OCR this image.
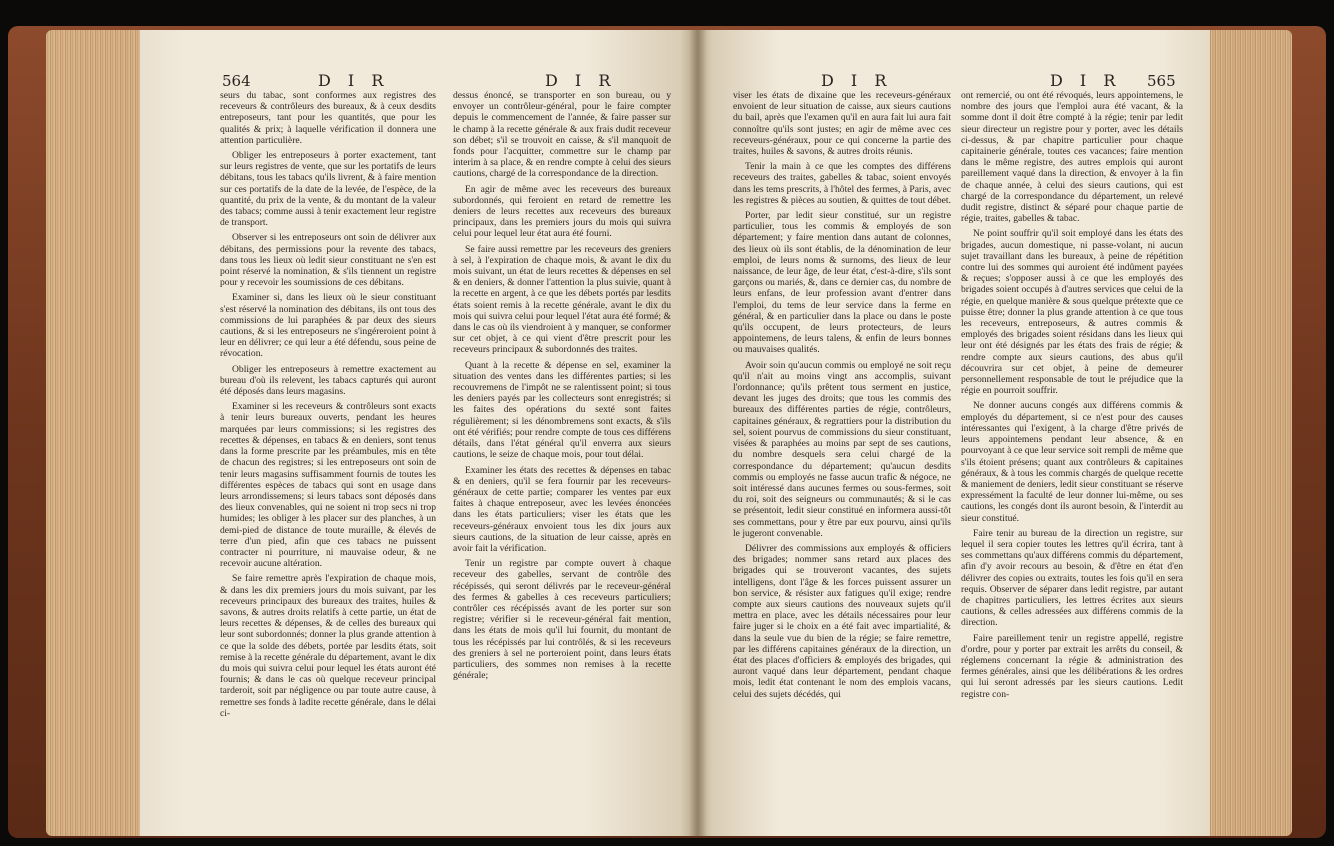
564	D I R	D I R	D I R	D I R 565

seurs du tabac, sont conformes aux registres des receveurs & contrôleurs des bureaux, & à ceux desdits entreposeurs, tant pour les quantités, que pour les qualités & prix; à laquelle vérification il donnera une attention particulière.

Obliger les entreposeurs à porter exactement, tant sur leurs registres de vente, que sur les portatifs de leurs débitans, tous les tabacs qu'ils livrent, & à faire mention sur ces portatifs de la date de la levée, de l'espèce, de la quantité, du prix de la vente, & du montant de la valeur des tabacs; comme aussi à tenir exactement leur registre de transport.

Observer si les entreposeurs ont soin de délivrer aux débitans, des permissions pour la revente des tabacs, dans tous les lieux où ledit sieur constituant ne s'en est point réservé la nomination, & s'ils tiennent un registre pour y recevoir les soumissions de ces débitans.

Examiner si, dans les lieux où le sieur constituant s'est réservé la nomination des débitans, ils ont tous des commissions de lui paraphées & par deux des sieurs cautions, & si les entreposeurs ne s'ingéreroient point à leur en délivrer; ce qui leur a été défendu, sous peine de révocation.

Obliger les entreposeurs à remettre exactement au bureau d'où ils relevent, les tabacs capturés qui auront été déposés dans leurs magasins.

Examiner si les receveurs & contrôleurs sont exacts à tenir leurs bureaux ouverts, pendant les heures marquées par leurs commissions; si les registres des recettes & dépenses, en tabacs & en deniers, sont tenus dans la forme prescrite par les préambules, mis en tête de chacun des registres; si les entreposeurs ont soin de tenir leurs magasins suffisamment fournis de toutes les différentes espèces de tabacs qui sont en usage dans leurs arrondissemens; si leurs tabacs sont déposés dans des lieux convenables, qui ne soient ni trop secs ni trop humides; les obliger à les placer sur des planches, à un demi-pied de distance de toute muraille, & élevés de terre d'un pied, afin que ces tabacs ne puissent contracter ni pourriture, ni mauvaise odeur, & ne recevoir aucune altération.

Se faire remettre après l'expiration de chaque mois, & dans les dix premiers jours du mois suivant, par les receveurs principaux des bureaux des traites, huiles & savons, & autres droits relatifs à cette partie, un état de leurs recettes & dépenses, & de celles des bureaux qui leur sont subordonnés; donner la plus grande attention à ce que la solde des débets, portée par lesdits états, soit remise à la recette générale du département, avant le dix du mois qui suivra celui pour lequel les états auront été fournis; & dans le cas où quelque receveur principal tarderoit, soit par négligence ou par toute autre cause, à remettre ses fonds à ladite recette générale, dans le délai ci-

dessus énoncé, se transporter en son bureau, ou y envoyer un contrôleur-général, pour le faire compter depuis le commencement de l'année, & faire passer sur le champ à la recette générale & aux frais dudit receveur son débet; s'il se trouvoit en caisse, & s'il manquoit de fonds pour l'acquitter, commettre sur le champ par interim à sa place, & en rendre compte à celui des sieurs cautions, chargé de la correspondance de la direction.

En agir de même avec les receveurs des bureaux subordonnés, qui feroient en retard de remettre les deniers de leurs recettes aux receveurs des bureaux principaux, dans les premiers jours du mois qui suivra celui pour lequel leur état aura été fourni.

Se faire aussi remettre par les receveurs des greniers à sel, à l'expiration de chaque mois, & avant le dix du mois suivant, un état de leurs recettes & dépenses en sel & en deniers, & donner l'attention la plus suivie, quant à la recette en argent, à ce que les débets portés par lesdits états soient remis à la recette générale, avant le dix du mois qui suivra celui pour lequel l'état aura été formé; & dans le cas où ils viendroient à y manquer, se conformer sur cet objet, à ce qui vient d'être prescrit pour les receveurs principaux & subordonnés des traites.

Quant à la recette & dépense en sel, examiner la situation des ventes dans les différentes parties; si les recouvremens de l'impôt ne se ralentissent point; si tous les deniers payés par les collecteurs sont enregistrés; si les faites des opérations du sexté sont faites régulièrement; si les dénombremens sont exacts, & s'ils ont été vérifiés; pour rendre compte de tous ces différens détails, dans l'état général qu'il enverra aux sieurs cautions, le seize de chaque mois, pour tout délai.

Examiner les états des recettes & dépenses en tabac & en deniers, qu'il se fera fournir par les receveurs-généraux de cette partie; comparer les ventes par eux faites à chaque entreposeur, avec les levées énoncées dans les états particuliers; viser les états que les receveurs-généraux envoient tous les dix jours aux sieurs cautions, de la situation de leur caisse, après en avoir fait la vérification.

Tenir un registre par compte ouvert à chaque receveur des gabelles, servant de contrôle des récépissés, qui seront délivrés par le receveur-général des fermes & gabelles à ces receveurs particuliers; contrôler ces récépissés avant de les porter sur son registre; vérifier si le receveur-général fait mention, dans les états de mois qu'il lui fournit, du montant de tous les récépissés par lui contrôlés, & si les receveurs des greniers à sel ne porteroient point, dans leurs états particuliers, des sommes non remises à la recette générale;

viser les états de dixaine que les receveurs-généraux envoient de leur situation de caisse, aux sieurs cautions du bail, après que l'examen qu'il en aura fait lui aura fait connoître qu'ils sont justes; en agir de même avec ces receveurs-généraux, pour ce qui concerne la partie des traites, huiles & savons, & autres droits réunis.

Tenir la main à ce que les comptes des différens receveurs des traites, gabelles & tabac, soient envoyés dans les tems prescrits, à l'hôtel des fermes, à Paris, avec les registres & pièces au soutien, & quittes de tout débet.

Porter, par ledit sieur constitué, sur un registre particulier, tous les commis & employés de son département; y faire mention dans autant de colonnes, des lieux où ils sont établis, de la dénomination de leur emploi, de leurs noms & surnoms, des lieux de leur naissance, de leur âge, de leur état, c'est-à-dire, s'ils sont garçons ou mariés, &, dans ce dernier cas, du nombre de leurs enfans, de leur profession avant d'entrer dans l'emploi, du tems de leur service dans la ferme en général, & en particulier dans la place ou dans le poste qu'ils occupent, de leurs protecteurs, de leurs appointemens, de leurs talens, & enfin de leurs bonnes ou mauvaises qualités.

Avoir soin qu'aucun commis ou employé ne soit reçu qu'il n'ait au moins vingt ans accomplis, suivant l'ordonnance; qu'ils prêtent tous serment en justice, devant les juges des droits; que tous les commis des bureaux des différentes parties de régie, contrôleurs, capitaines généraux, & regrattiers pour la distribution du sel, soient pourvus de commissions du sieur constituant, visées & paraphées au moins par sept de ses cautions, du nombre desquels sera celui chargé de la correspondance du département; qu'aucun desdits commis ou employés ne fasse aucun trafic & négoce, ne soit intéressé dans aucunes fermes ou sous-fermes, soit du roi, soit des seigneurs ou communautés; & si le cas se présentoit, ledit sieur constitué en informera aussi-tôt ses commettans, pour y être par eux pourvu, ainsi qu'ils le jugeront convenable.

Délivrer des commissions aux employés & officiers des brigades; nommer sans retard aux places des brigades qui se trouveront vacantes, des sujets intelligens, dont l'âge & les forces puissent assurer un bon service, & résister aux fatigues qu'il exige; rendre compte aux sieurs cautions des nouveaux sujets qu'il mettra en place, avec les détails nécessaires pour leur faire juger si le choix en a été fait avec impartialité, & dans la seule vue du bien de la régie; se faire remettre, par les différens capitaines généraux de la direction, un état des places d'officiers & employés des brigades, qui auront vaqué dans leur département, pendant chaque mois, ledit état contenant le nom des emplois vacans, celui des sujets décédés, qui

ont remercié, ou ont été révoqués, leurs appointemens, le nombre des jours que l'emploi aura été vacant, & la somme dont il doit être compté à la régie; tenir par ledit sieur directeur un registre pour y porter, avec les détails ci-dessus, & par chapitre particulier pour chaque capitainerie générale, toutes ces vacances; faire mention dans le même registre, des autres emplois qui auront pareillement vaqué dans la direction, & envoyer à la fin de chaque année, à celui des sieurs cautions, qui est chargé de la correspondance du département, un relevé dudit registre, distinct & séparé pour chaque partie de régie, traites, gabelles & tabac.

Ne point souffrir qu'il soit employé dans les états des brigades, aucun domestique, ni passe-volant, ni aucun sujet travaillant dans les bureaux, à peine de répétition contre lui des sommes qui auroient été indûment payées & reçues; s'opposer aussi à ce que les employés des brigades soient occupés à d'autres services que celui de la régie, en quelque manière & sous quelque prétexte que ce puisse être; donner la plus grande attention à ce que tous les receveurs, entreposeurs, & autres commis & employés des brigades soient résidans dans les lieux qui leur ont été désignés par les états des frais de régie; & rendre compte aux sieurs cautions, des abus qu'il découvrira sur cet objet, à peine de demeurer personnellement responsable de tout le préjudice que la régie en pourroit souffrir.

Ne donner aucuns congés aux différens commis & employés du département, si ce n'est pour des causes intéressantes qui l'exigent, à la charge d'être privés de leurs appointemens pendant leur absence, & en pourvoyant à ce que leur service soit rempli de même que s'ils étoient présens; quant aux contrôleurs & capitaines généraux, & à tous les commis chargés de quelque recette & maniement de deniers, ledit sieur constituant se réserve expressément la faculté de leur donner lui-même, ou ses cautions, les congés dont ils auront besoin, & l'interdit au sieur constitué.

Faire tenir au bureau de la direction un registre, sur lequel il sera copier toutes les lettres qu'il écrira, tant à ses commettans qu'aux différens commis du département, afin d'y avoir recours au besoin, & d'être en état d'en délivrer des copies ou extraits, toutes les fois qu'il en sera requis. Observer de séparer dans ledit registre, par autant de chapitres particuliers, les lettres écrites aux sieurs cautions, & celles adressées aux différens commis de la direction.

Faire pareillement tenir un registre appellé, registre d'ordre, pour y porter par extrait les arrêts du conseil, & réglemens concernant la régie & administration des fermes générales, ainsi que les délibérations & les ordres qui lui seront adressés par les sieurs cautions. Ledit registre con-
